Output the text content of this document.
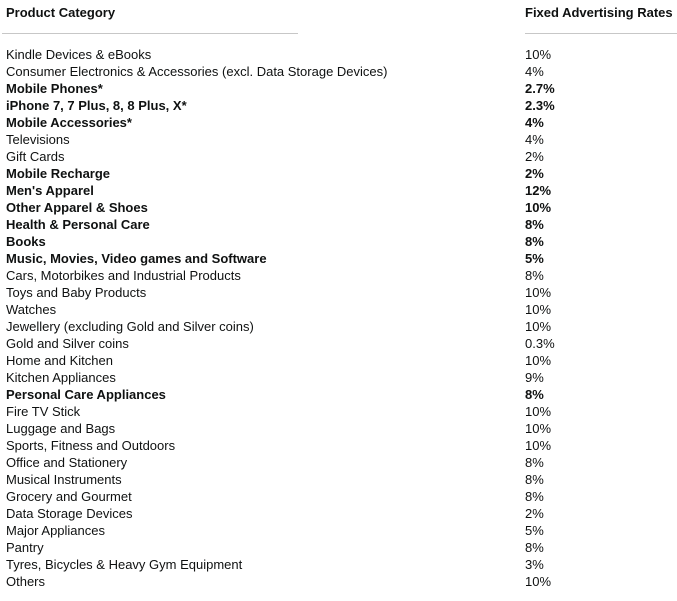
Product Category	Fixed Advertising Rates
Kindle Devices & eBooks	10%
Consumer Electronics & Accessories (excl. Data Storage Devices)	4%
Mobile Phones*	2.7%
iPhone 7, 7 Plus, 8, 8 Plus, X*	2.3%
Mobile Accessories*	4%
Televisions	4%
Gift Cards	2%
Mobile Recharge	2%
Men's Apparel	12%
Other Apparel & Shoes	10%
Health & Personal Care	8%
Books	8%
Music, Movies, Video games and Software	5%
Cars, Motorbikes and Industrial Products	8%
Toys and Baby Products	10%
Watches	10%
Jewellery (excluding Gold and Silver coins)	10%
Gold and Silver coins	0.3%
Home and Kitchen	10%
Kitchen Appliances	9%
Personal Care Appliances	8%
Fire TV Stick	10%
Luggage and Bags	10%
Sports, Fitness and Outdoors	10%
Office and Stationery	8%
Musical Instruments	8%
Grocery and Gourmet	8%
Data Storage Devices	2%
Major Appliances	5%
Pantry	8%
Tyres, Bicycles & Heavy Gym Equipment	3%
Others	10%
